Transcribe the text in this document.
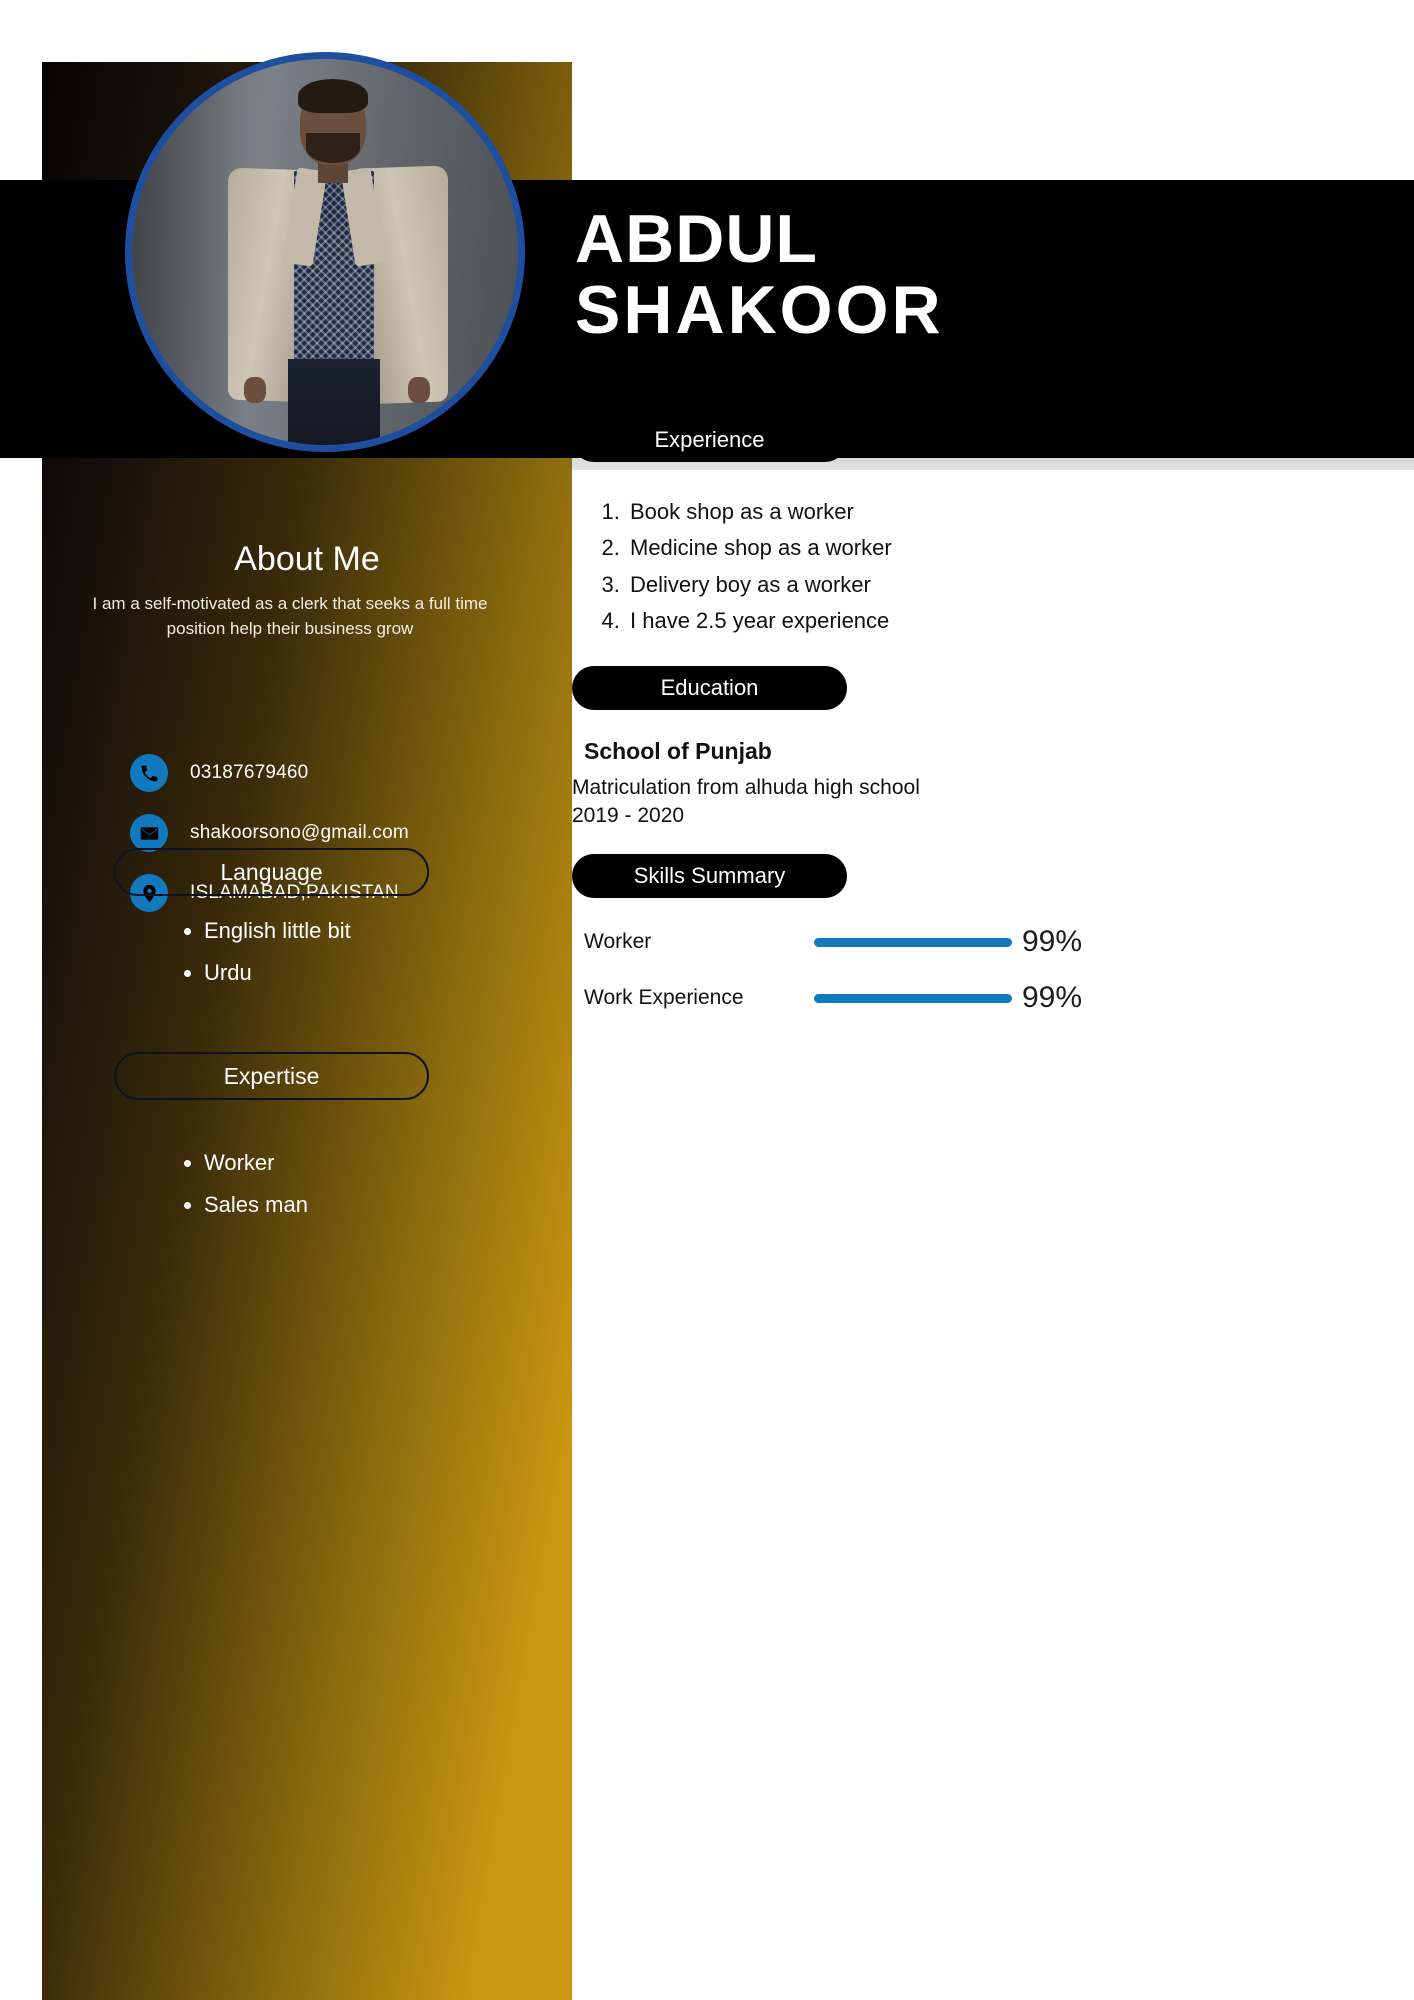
ABDUL
SHAKOOR
About Me
I am a self-motivated as a clerk that seeks a full time position help their business grow
03187679460
shakoorsono@gmail.com
ISLAMABAD,PAKISTAN
Language
• English little bit
• Urdu
Expertise
• Worker
• Sales man
Experience
1. Book shop as a worker
2. Medicine shop as a worker
3. Delivery boy as a worker
4. I have 2.5 year experience
Education
School of Punjab
Matriculation from alhuda high school
2019 - 2020
Skills Summary
Worker	99%
Work Experience	99%
